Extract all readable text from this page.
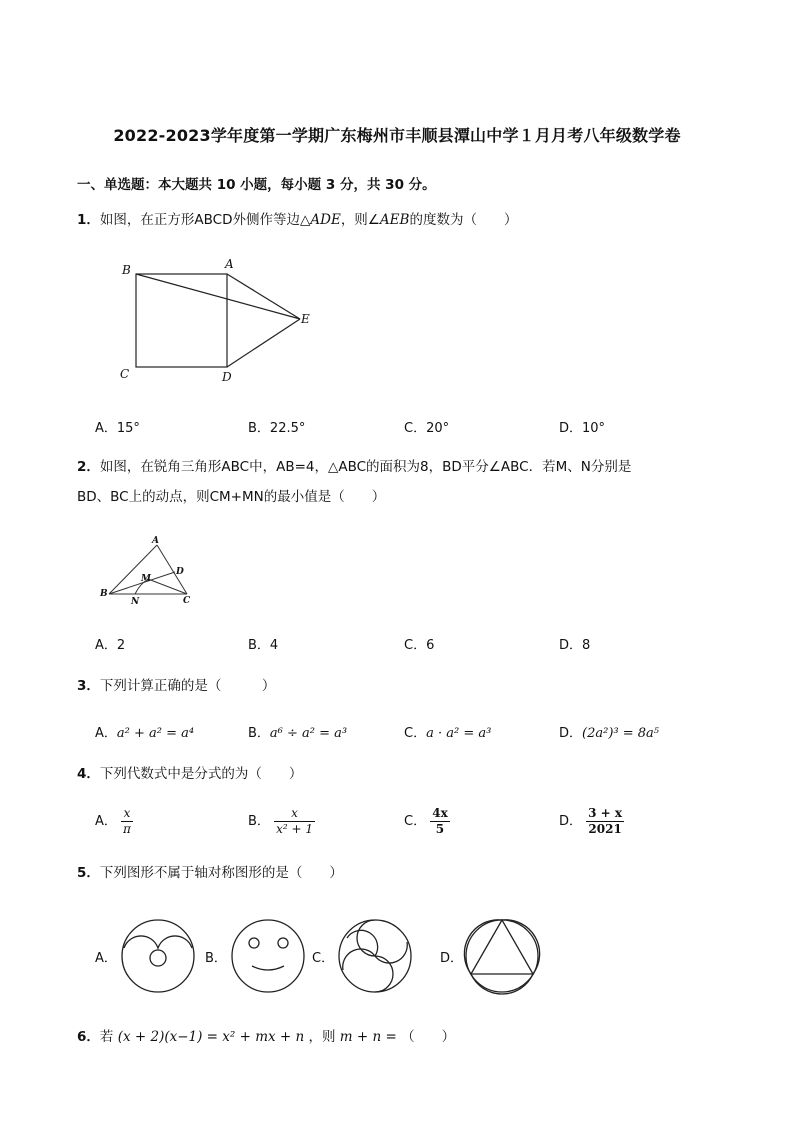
2022-2023学年度第一学期广东梅州市丰顺县潭山中学１月月考八年级数学卷
一、单选题：本大题共 10 小题，每小题 3 分，共 30 分。
1．如图，在正方形ABCD外侧作等边△ADE，则∠AEB的度数为（　　）
B	A
E
C	D
A．15°	B．22.5°	C．20°	D．10°
2．如图，在锐角三角形ABC中，AB=4，△ABC的面积为8，BD平分∠ABC．若M、N分别是
BD、BC上的动点，则CM+MN的最小值是（　　）
A
B
C
D
M
N
A．2	B．4	C．6	D．8
3．下列计算正确的是（　　　）
A．a² + a² = a⁴	B．a⁶ ÷ a² = a³	C．a · a² = a³	D．(2a²)³ = 8a⁵
4．下列代数式中是分式的为（　　）
A． $\frac{x}{\pi}$	B． $\frac{x}{\text{x² + 1}}$	C． $\frac{4x}{5}$	D． $\frac{3 + x}{2021}$
5．下列图形不属于轴对称图形的是（　　）
A．	B．	C．	D．
6．若 (x + 2)(x−1) = x² + mx + n ，则 m + n = （　　）
